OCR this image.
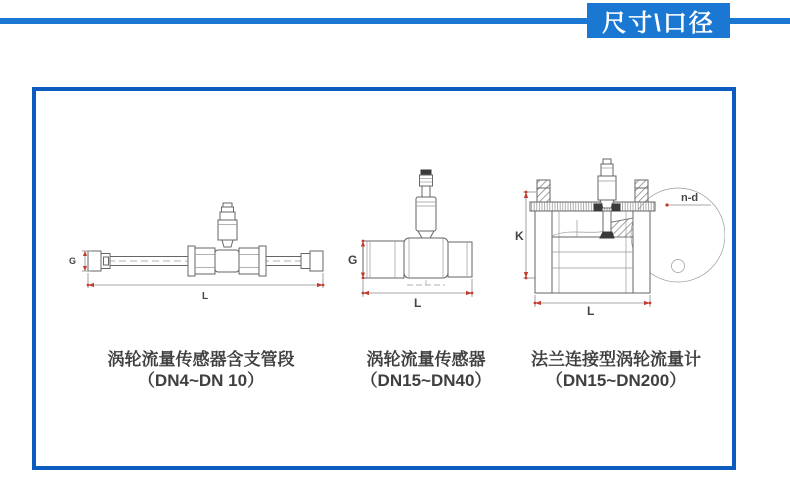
尺寸\口径
G
L
G
L
n-d
K
L
涡轮流量传感器含支管段
（DN4~DN 10）
涡轮流量传感器
（DN15~DN40）
法兰连接型涡轮流量计
（DN15~DN200）
